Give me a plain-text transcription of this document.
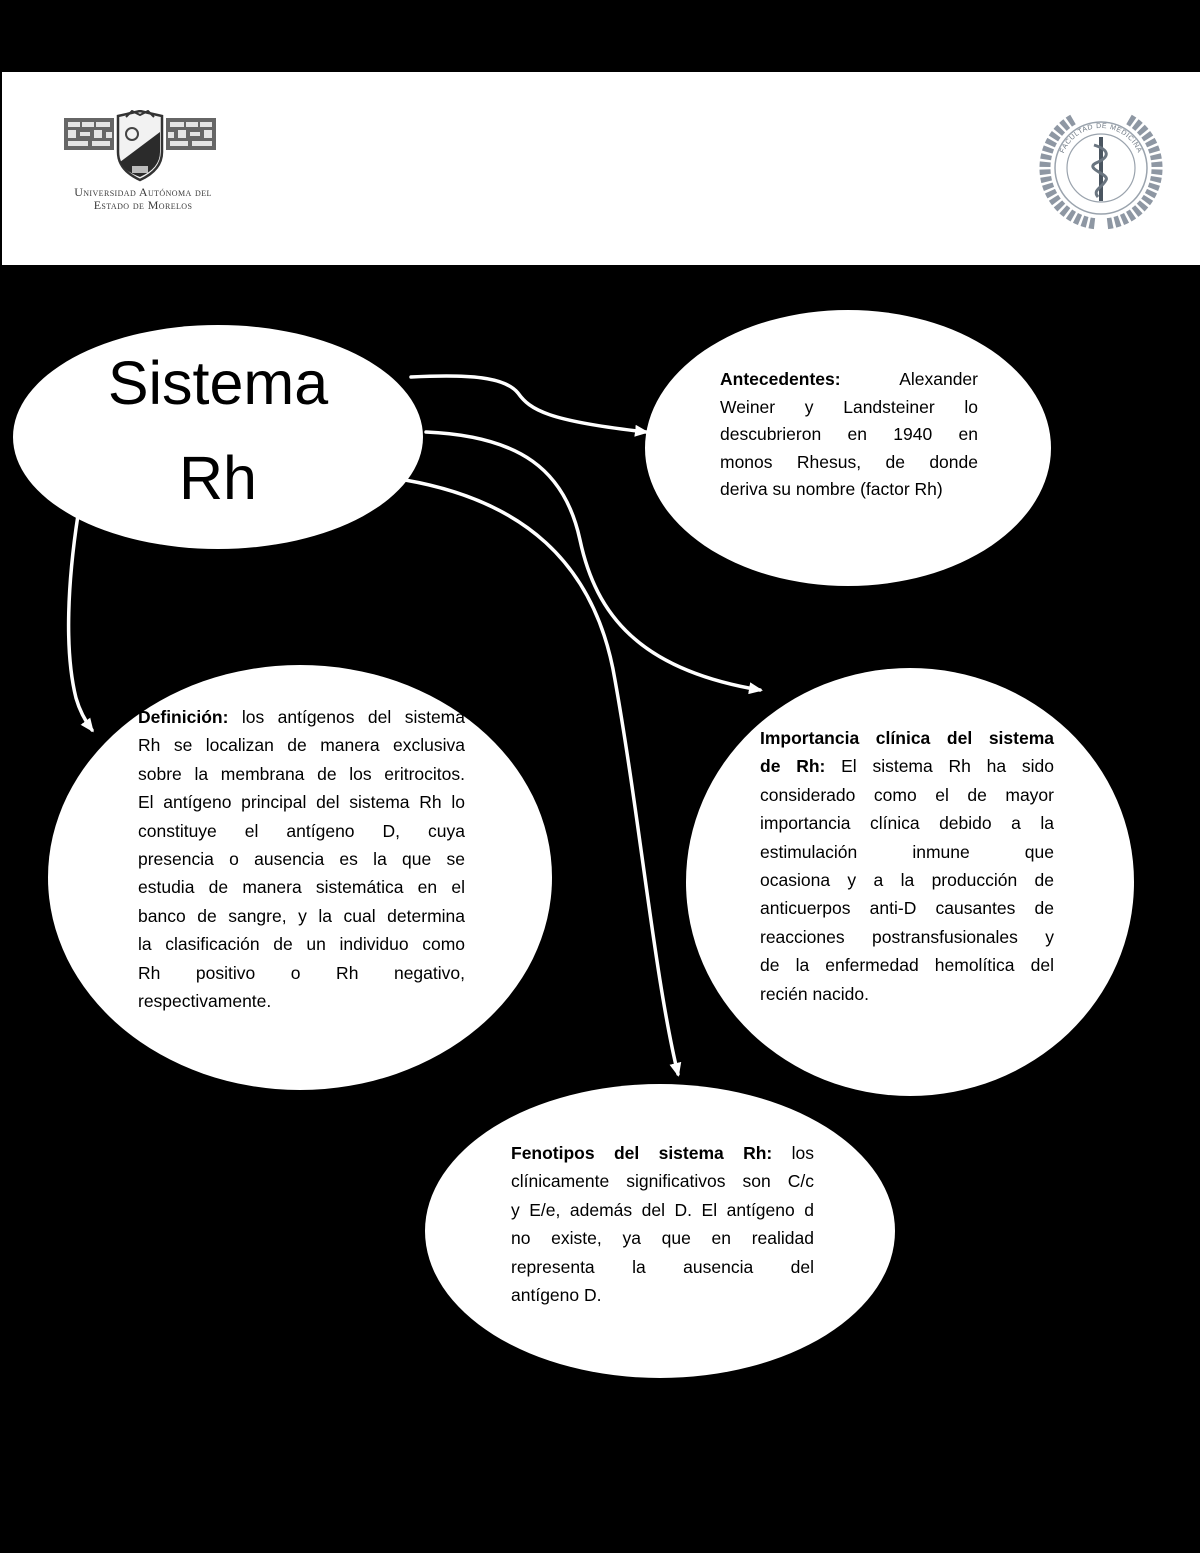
Universidad Autónoma del
Estado de Morelos
FACULTAD DE MEDICINA
Sistema
Rh
Antecedentes:	Alexander
Weiner y Landsteiner lo
descubrieron en 1940 en
monos Rhesus, de donde
deriva su nombre (factor Rh)
Definición: los antígenos del sistema
Rh se localizan de manera exclusiva
sobre la membrana de los eritrocitos.
El antígeno principal del sistema Rh lo
constituye el antígeno D, cuya
presencia o ausencia es la que se
estudia de manera sistemática en el
banco de sangre, y la cual determina
la clasificación de un individuo como
Rh positivo o Rh negativo,
respectivamente.
Importancia clínica del sistema
de Rh: El sistema Rh ha sido
considerado como el de mayor
importancia clínica debido a la
estimulación inmune que
ocasiona y a la producción de
anticuerpos anti-D causantes de
reacciones postransfusionales y
de la enfermedad hemolítica del
recién nacido.
Fenotipos del sistema Rh: los
clínicamente significativos son C/c
y E/e, además del D. El antígeno d
no existe, ya que en realidad
representa la ausencia del
antígeno D.
